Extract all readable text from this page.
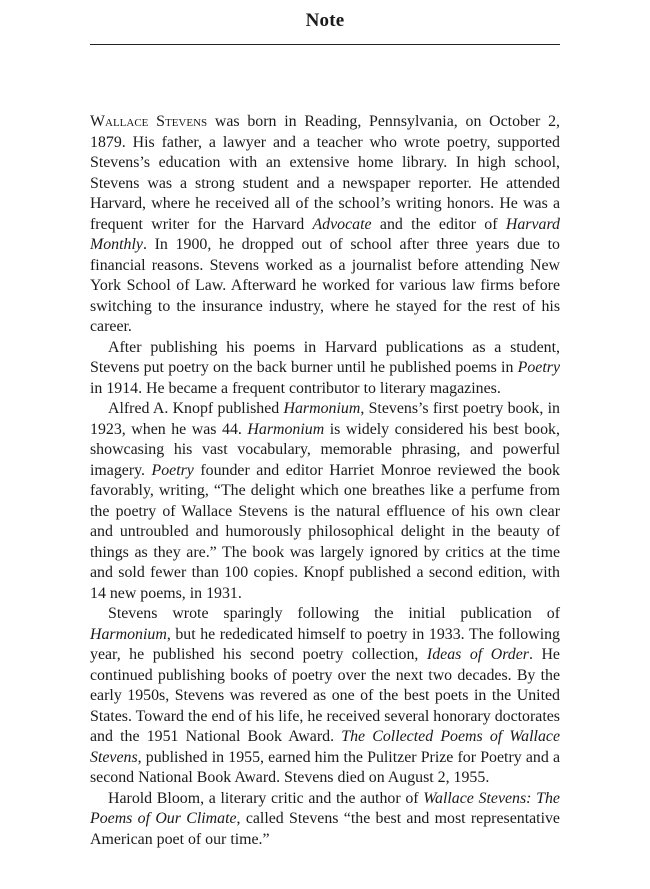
Note

Wallace Stevens was born in Reading, Pennsylvania, on October 2, 1879. His father, a lawyer and a teacher who wrote poetry, supported Stevens’s education with an extensive home library. In high school, Stevens was a strong student and a newspaper reporter. He attended Harvard, where he received all of the school’s writing honors. He was a frequent writer for the Harvard Advocate and the editor of Harvard Monthly. In 1900, he dropped out of school after three years due to financial reasons. Stevens worked as a journalist before attending New York School of Law. Afterward he worked for various law firms before switching to the insurance industry, where he stayed for the rest of his career.

After publishing his poems in Harvard publications as a student, Stevens put poetry on the back burner until he published poems in Poetry in 1914. He became a frequent contributor to literary magazines.

Alfred A. Knopf published Harmonium, Stevens’s first poetry book, in 1923, when he was 44. Harmonium is widely considered his best book, showcasing his vast vocabulary, memorable phrasing, and powerful imagery. Poetry founder and editor Harriet Monroe reviewed the book favorably, writing, “The delight which one breathes like a perfume from the poetry of Wallace Stevens is the natural effluence of his own clear and untroubled and humorously philosophical delight in the beauty of things as they are.” The book was largely ignored by critics at the time and sold fewer than 100 copies. Knopf published a second edition, with 14 new poems, in 1931.

Stevens wrote sparingly following the initial publication of Harmonium, but he rededicated himself to poetry in 1933. The following year, he published his second poetry collection, Ideas of Order. He continued publishing books of poetry over the next two decades. By the early 1950s, Stevens was revered as one of the best poets in the United States. Toward the end of his life, he received several honorary doctorates and the 1951 National Book Award. The Collected Poems of Wallace Stevens, published in 1955, earned him the Pulitzer Prize for Poetry and a second National Book Award. Stevens died on August 2, 1955.

Harold Bloom, a literary critic and the author of Wallace Stevens: The Poems of Our Climate, called Stevens “the best and most representative American poet of our time.”
